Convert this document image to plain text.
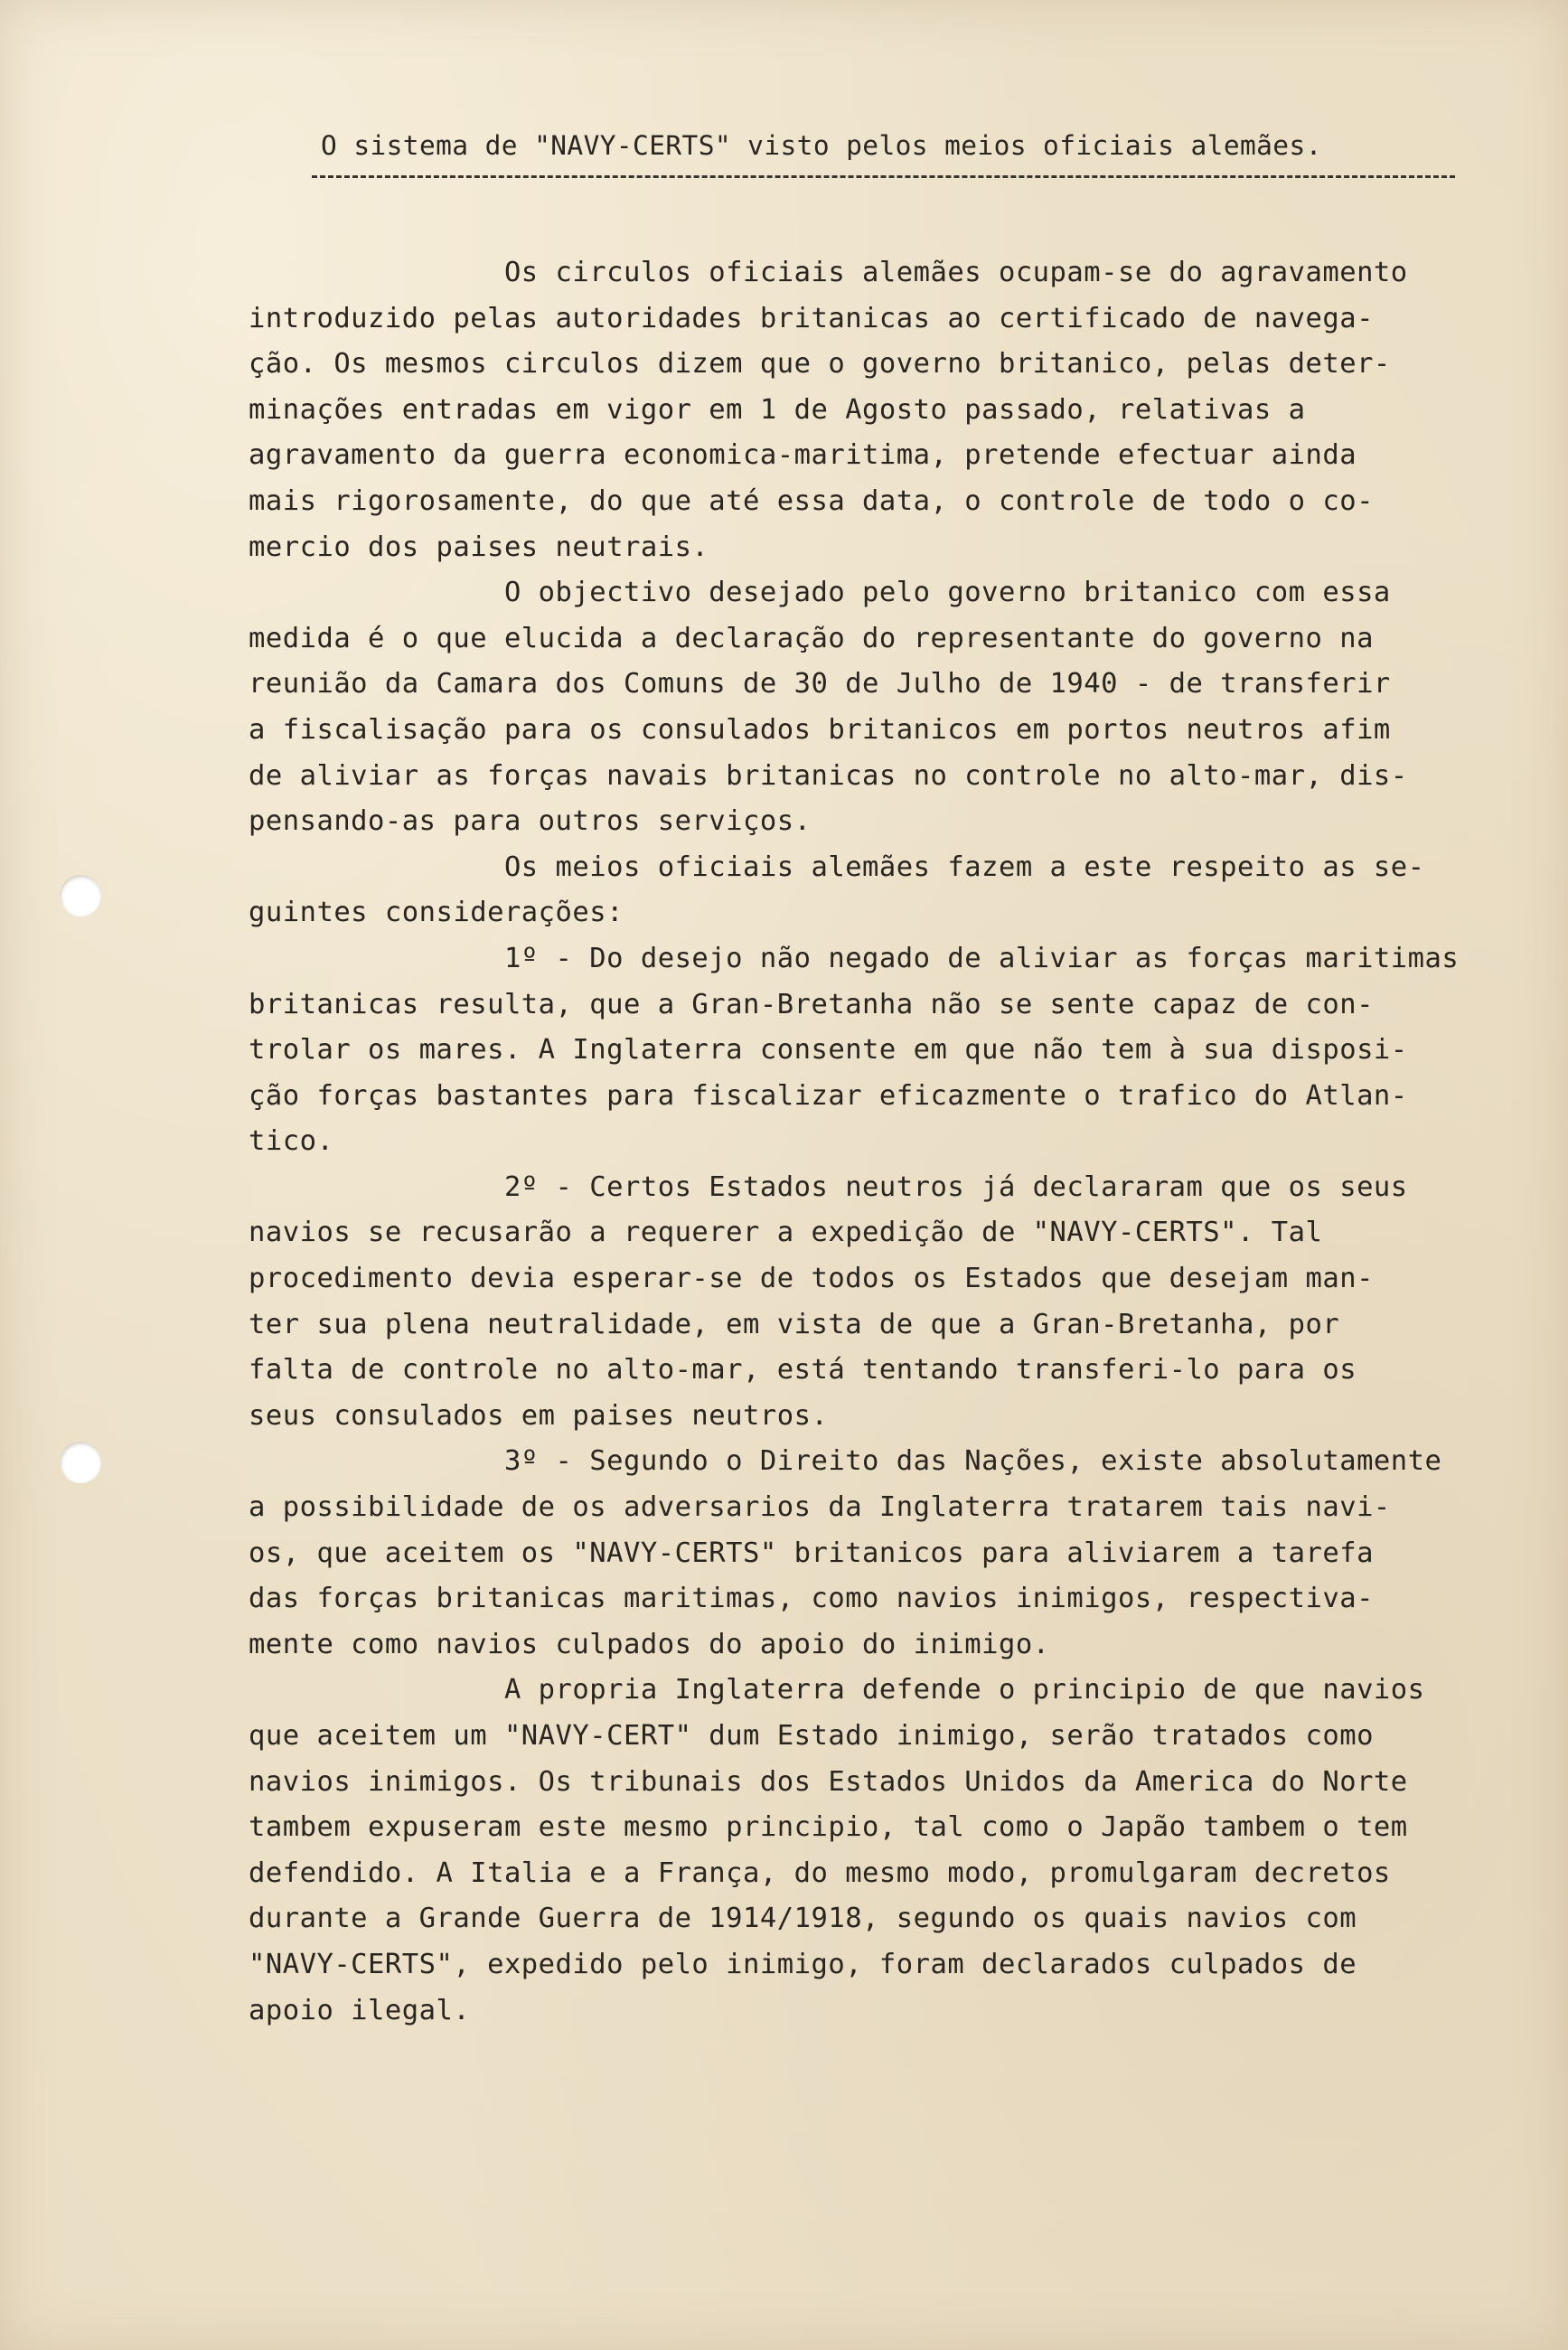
O sistema de "NAVY-CERTS" visto pelos meios oficiais alemães.
Os circulos oficiais alemães ocupam-se do agravamento
introduzido pelas autoridades britanicas ao certificado de navega-
ção. Os mesmos circulos dizem que o governo britanico, pelas deter-
minações entradas em vigor em 1 de Agosto passado, relativas a
agravamento da guerra economica-maritima, pretende efectuar ainda
mais rigorosamente, do que até essa data, o controle de todo o co-
mercio dos paises neutrais.
O objectivo desejado pelo governo britanico com essa
medida é o que elucida a declaração do representante do governo na
reunião da Camara dos Comuns de 30 de Julho de 1940 - de transferir
a fiscalisação para os consulados britanicos em portos neutros afim
de aliviar as forças navais britanicas no controle no alto-mar, dis-
pensando-as para outros serviços.
Os meios oficiais alemães fazem a este respeito as se-
guintes considerações:
1º - Do desejo não negado de aliviar as forças maritimas
britanicas resulta, que a Gran-Bretanha não se sente capaz de con-
trolar os mares. A Inglaterra consente em que não tem à sua disposi-
ção forças bastantes para fiscalizar eficazmente o trafico do Atlan-
tico.
2º - Certos Estados neutros já declararam que os seus
navios se recusarão a requerer a expedição de "NAVY-CERTS". Tal
procedimento devia esperar-se de todos os Estados que desejam man-
ter sua plena neutralidade, em vista de que a Gran-Bretanha, por
falta de controle no alto-mar, está tentando transferi-lo para os
seus consulados em paises neutros.
3º - Segundo o Direito das Nações, existe absolutamente
a possibilidade de os adversarios da Inglaterra tratarem tais navi-
os, que aceitem os "NAVY-CERTS" britanicos para aliviarem a tarefa
das forças britanicas maritimas, como navios inimigos, respectiva-
mente como navios culpados do apoio do inimigo.
A propria Inglaterra defende o principio de que navios
que aceitem um "NAVY-CERT" dum Estado inimigo, serão tratados como
navios inimigos. Os tribunais dos Estados Unidos da America do Norte
tambem expuseram este mesmo principio, tal como o Japão tambem o tem
defendido. A Italia e a França, do mesmo modo, promulgaram decretos
durante a Grande Guerra de 1914/1918, segundo os quais navios com
"NAVY-CERTS", expedido pelo inimigo, foram declarados culpados de
apoio ilegal.
